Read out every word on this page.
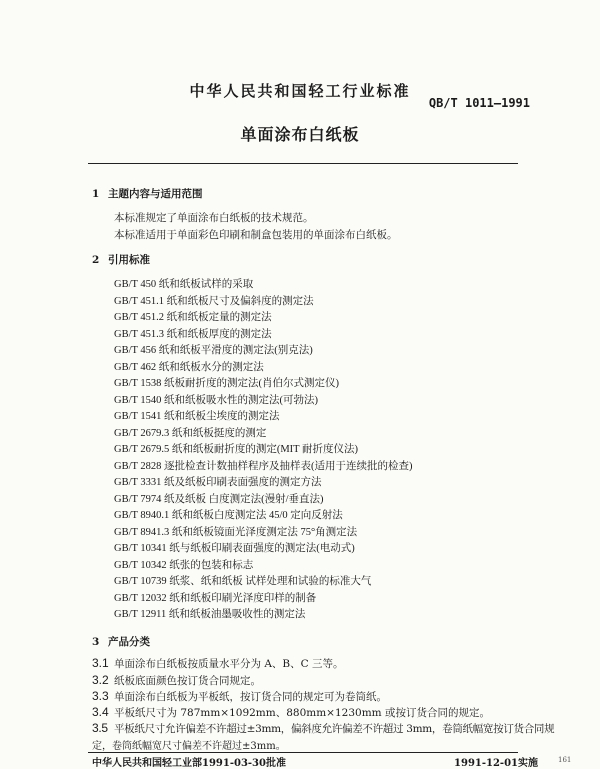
中华人民共和国轻工行业标准
QB/T 1011—1991
单面涂布白纸板
1 主题内容与适用范围
本标准规定了单面涂布白纸板的技术规范。
本标准适用于单面彩色印刷和制盒包装用的单面涂布白纸板。
2 引用标准
GB/T 450 纸和纸板试样的采取
GB/T 451.1 纸和纸板尺寸及偏斜度的测定法
GB/T 451.2 纸和纸板定量的测定法
GB/T 451.3 纸和纸板厚度的测定法
GB/T 456 纸和纸板平滑度的测定法(别克法)
GB/T 462 纸和纸板水分的测定法
GB/T 1538 纸板耐折度的测定法(肖伯尔式测定仪)
GB/T 1540 纸和纸板吸水性的测定法(可勃法)
GB/T 1541 纸和纸板尘埃度的测定法
GB/T 2679.3 纸和纸板挺度的测定
GB/T 2679.5 纸和纸板耐折度的测定(MIT 耐折度仪法)
GB/T 2828 逐批检查计数抽样程序及抽样表(适用于连续批的检查)
GB/T 3331 纸及纸板印刷表面强度的测定方法
GB/T 7974 纸及纸板 白度测定法(漫射/垂直法)
GB/T 8940.1 纸和纸板白度测定法 45/0 定向反射法
GB/T 8941.3 纸和纸板镜面光泽度测定法 75°角测定法
GB/T 10341 纸与纸板印刷表面强度的测定法(电动式)
GB/T 10342 纸张的包装和标志
GB/T 10739 纸浆、纸和纸板 试样处理和试验的标准大气
GB/T 12032 纸和纸板印刷光泽度印样的制备
GB/T 12911 纸和纸板油墨吸收性的测定法
3 产品分类
3.1 单面涂布白纸板按质量水平分为 A、B、C 三等。
3.2 纸板底面颜色按订货合同规定。
3.3 单面涂布白纸板为平板纸，按订货合同的规定可为卷筒纸。
3.4 平板纸尺寸为 787mm×1092mm、880mm×1230mm 或按订货合同的规定。
3.5 平板纸尺寸允许偏差不许超过±3mm，偏斜度允许偏差不许超过 3mm，卷筒纸幅宽按订货合同规
定，卷筒纸幅宽尺寸偏差不许超过±3mm。
中华人民共和国轻工业部1991-03-30批准	1991-12-01实施	161
